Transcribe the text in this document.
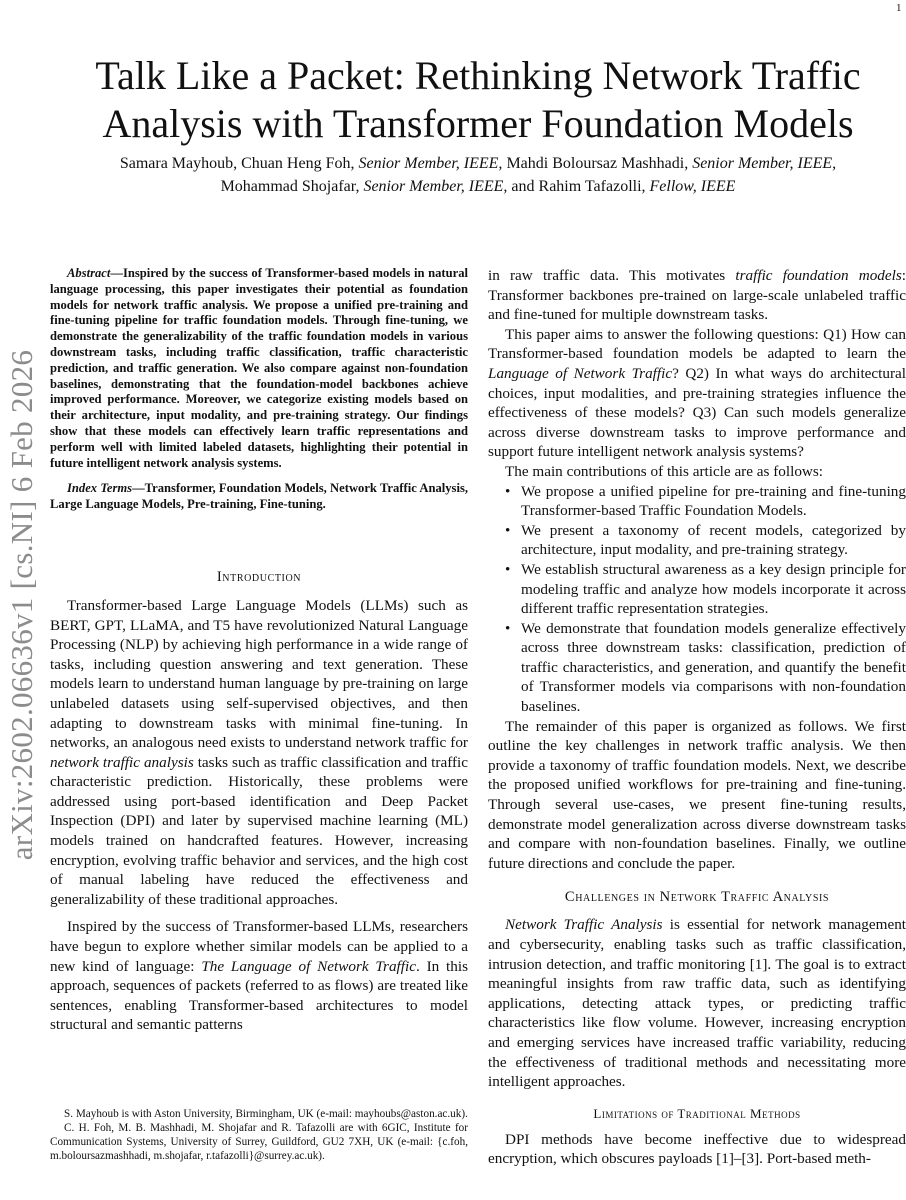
1
arXiv:2602.06636v1 [cs.NI] 6 Feb 2026
Talk Like a Packet: Rethinking Network Traffic
Analysis with Transformer Foundation Models
Samara Mayhoub, Chuan Heng Foh, Senior Member, IEEE, Mahdi Boloursaz Mashhadi, Senior Member, IEEE,
Mohammad Shojafar, Senior Member, IEEE, and Rahim Tafazolli, Fellow, IEEE

Abstract—Inspired by the success of Transformer-based models in natural language processing, this paper investigates their potential as foundation models for network traffic analysis. We propose a unified pre-training and fine-tuning pipeline for traffic foundation models. Through fine-tuning, we demonstrate the generalizability of the traffic foundation models in various downstream tasks, including traffic classification, traffic characteristic prediction, and traffic generation. We also compare against non-foundation baselines, demonstrating that the foundation-model backbones achieve improved performance. Moreover, we categorize existing models based on their architecture, input modality, and pre-training strategy. Our findings show that these models can effectively learn traffic representations and perform well with limited labeled datasets, highlighting their potential in future intelligent network analysis systems.

Index Terms—Transformer, Foundation Models, Network Traffic Analysis, Large Language Models, Pre-training, Fine-tuning.

Introduction

Transformer-based Large Language Models (LLMs) such as BERT, GPT, LLaMA, and T5 have revolutionized Natural Language Processing (NLP) by achieving high performance in a wide range of tasks, including question answering and text generation. These models learn to understand human language by pre-training on large unlabeled datasets using self-supervised objectives, and then adapting to downstream tasks with minimal fine-tuning. In networks, an analogous need exists to understand network traffic for network traffic analysis tasks such as traffic classification and traffic characteristic prediction. Historically, these problems were addressed using port-based identification and Deep Packet Inspection (DPI) and later by supervised machine learning (ML) models trained on handcrafted features. However, increasing encryption, evolving traffic behavior and services, and the high cost of manual labeling have reduced the effectiveness and generalizability of these traditional approaches.

Inspired by the success of Transformer-based LLMs, researchers have begun to explore whether similar models can be applied to a new kind of language: The Language of Network Traffic. In this approach, sequences of packets (referred to as flows) are treated like sentences, enabling Transformer-based architectures to model structural and semantic patterns

S. Mayhoub is with Aston University, Birmingham, UK (e-mail: mayhoubs@aston.ac.uk).

C. H. Foh, M. B. Mashhadi, M. Shojafar and R. Tafazolli are with 6GIC, Institute for Communication Systems, University of Surrey, Guildford, GU2 7XH, UK (e-mail: {c.foh, m.boloursazmashhadi, m.shojafar, r.tafazolli}@surrey.ac.uk).

in raw traffic data. This motivates traffic foundation models: Transformer backbones pre-trained on large-scale unlabeled traffic and fine-tuned for multiple downstream tasks.

This paper aims to answer the following questions: Q1) How can Transformer-based foundation models be adapted to learn the Language of Network Traffic? Q2) In what ways do architectural choices, input modalities, and pre-training strategies influence the effectiveness of these models? Q3) Can such models generalize across diverse downstream tasks to improve performance and support future intelligent network analysis systems?

The main contributions of this article are as follows:

• We propose a unified pipeline for pre-training and fine-tuning Transformer-based Traffic Foundation Models.
• We present a taxonomy of recent models, categorized by architecture, input modality, and pre-training strategy.
• We establish structural awareness as a key design principle for modeling traffic and analyze how models incorporate it across different traffic representation strategies.
• We demonstrate that foundation models generalize effectively across three downstream tasks: classification, prediction of traffic characteristics, and generation, and quantify the benefit of Transformer models via comparisons with non-foundation baselines.

The remainder of this paper is organized as follows. We first outline the key challenges in network traffic analysis. We then provide a taxonomy of traffic foundation models. Next, we describe the proposed unified workflows for pre-training and fine-tuning. Through several use-cases, we present fine-tuning results, demonstrate model generalization across diverse downstream tasks and compare with non-foundation baselines. Finally, we outline future directions and conclude the paper.

Challenges in Network Traffic Analysis

Network Traffic Analysis is essential for network management and cybersecurity, enabling tasks such as traffic classification, intrusion detection, and traffic monitoring [1]. The goal is to extract meaningful insights from raw traffic data, such as identifying applications, detecting attack types, or predicting traffic characteristics like flow volume. However, increasing encryption and emerging services have increased traffic variability, reducing the effectiveness of traditional methods and necessitating more intelligent approaches.

Limitations of Traditional Methods

DPI methods have become ineffective due to widespread encryption, which obscures payloads [1]–[3]. Port-based meth-
